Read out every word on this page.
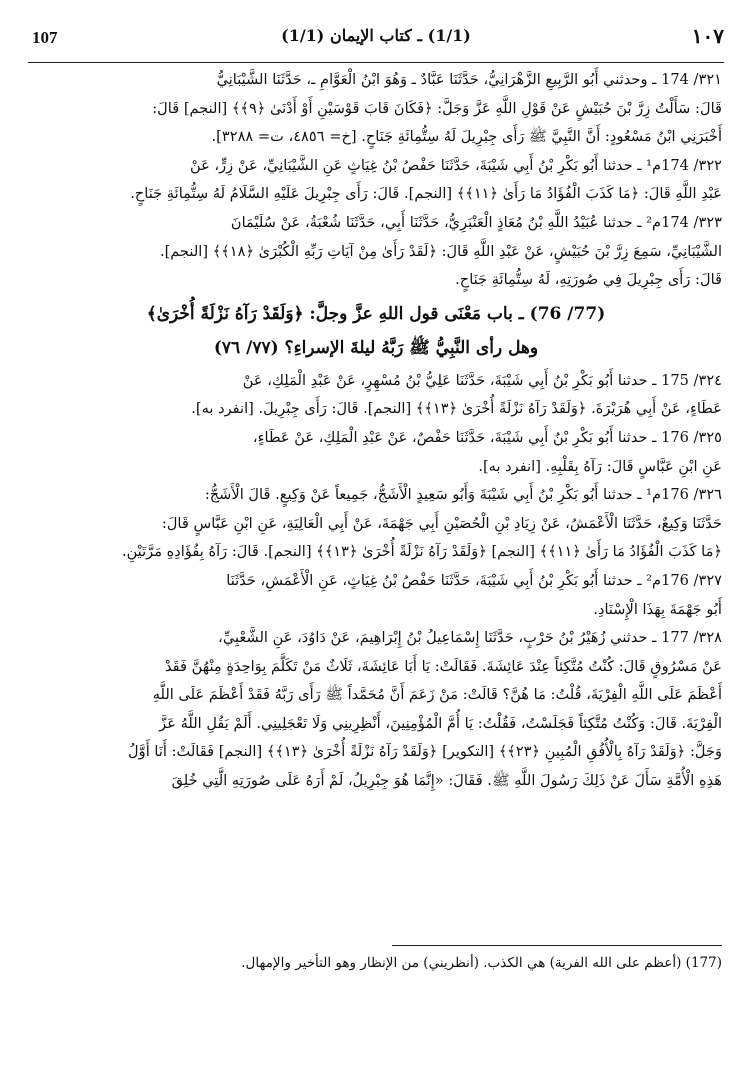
107	(1/1) ـ كتاب الإيمان (1/1)	١٠٧

٣٢١/ 174 ـ وحدثني أَبُو الرَّبِيعِ الزَّهْرَانِيُّ، حَدَّثَنَا عَبَّادٌ ـ وَهُوَ ابْنُ الْعَوَّامِ ـ، حَدَّثَنَا الشَّيْبَانِيُّ
قَالَ: سَأَلْتُ زِرَّ بْنَ حُبَيْشٍ عَنْ قَوْلِ اللَّهِ عَزَّ وَجَلَّ: ﴿فَكَانَ قَابَ قَوْسَيْنِ أَوْ أَدْنَىٰ ﴿٩﴾﴾ [النجم] قَالَ:
أَخْبَرَنِي ابْنُ مَسْعُودٍ: أَنَّ النَّبِيَّ ﷺ رَأَى جِبْرِيلَ لَهُ سِتُّمِائَةِ جَنَاحٍ. [خ= ٤٨٥٦، ت= ٣٢٨٨].

٣٢٢/ 174م¹ ـ حدثنا أَبُو بَكْرِ بْنُ أَبِي شَيْبَةَ، حَدَّثَنَا حَفْصُ بْنُ غِيَاثٍ عَنِ الشَّيْبَانِيِّ، عَنْ زِرٍّ، عَنْ
عَبْدِ اللَّهِ قَالَ: ﴿مَا كَذَبَ الْفُؤَادُ مَا رَأَىٰ ﴿١١﴾﴾ [النجم]. قَالَ: رَأَى جِبْرِيلَ عَلَيْهِ السَّلَامُ لَهُ سِتُّمِائَةِ جَنَاحٍ.

٣٢٣/ 174م² ـ حدثنا عُبَيْدُ اللَّهِ بْنُ مُعَاذٍ الْعَنْبَرِيُّ، حَدَّثَنَا أَبِي، حَدَّثَنَا شُعْبَةُ، عَنْ سُلَيْمَانَ
الشَّيْبَانِيِّ، سَمِعَ زِرَّ بْنَ حُبَيْشٍ، عَنْ عَبْدِ اللَّهِ قَالَ: ﴿لَقَدْ رَأَىٰ مِنْ آيَاتِ رَبِّهِ الْكُبْرَىٰ ﴿١٨﴾﴾ [النجم].
قَالَ: رَأَى جِبْرِيلَ فِي صُورَتِهِ، لَهُ سِتُّمِائَةِ جَنَاحٍ.

(77/ 76) ـ باب مَعْنَى قول اللهِ عزَّ وجلَّ: ﴿وَلَقَدْ رَآهُ نَزْلَةً أُخْرَىٰ﴾
وهل رأى النَّبِيُّ ﷺ رَبَّهُ ليلةَ الإسراءِ؟ (٧٧/ ٧٦)

٣٢٤/ 175 ـ حدثنا أَبُو بَكْرِ بْنُ أَبِي شَيْبَةَ، حَدَّثَنَا عَلِيُّ بْنُ مُسْهِرٍ، عَنْ عَبْدِ الْمَلِكِ، عَنْ
عَطَاءٍ، عَنْ أَبِي هُرَيْرَةَ. ﴿وَلَقَدْ رَآهُ نَزْلَةً أُخْرَىٰ ﴿١٣﴾﴾ [النجم]. قَالَ: رَأَى جِبْرِيلَ. [انفرد به].

٣٢٥/ 176 ـ حدثنا أَبُو بَكْرِ بْنُ أَبِي شَيْبَةَ، حَدَّثَنَا حَفْصٌ، عَنْ عَبْدِ الْمَلِكِ، عَنْ عَطَاءٍ،
عَنِ ابْنِ عَبَّاسٍ قَالَ: رَآهُ بِقَلْبِهِ. [انفرد به].

٣٢٦/ 176م¹ ـ حدثنا أَبُو بَكْرِ بْنُ أَبِي شَيْبَةَ وَأَبُو سَعِيدٍ الْأَشَجُّ، جَمِيعاً عَنْ وَكِيعٍ. قَالَ الْأَشَجُّ:
حَدَّثَنَا وَكِيعٌ، حَدَّثَنَا الْأَعْمَشُ، عَنْ زِيَادِ بْنِ الْحُصَيْنِ أَبِي جَهْمَةَ، عَنْ أَبِي الْعَالِيَةِ، عَنِ ابْنِ عَبَّاسٍ قَالَ:
﴿مَا كَذَبَ الْفُؤَادُ مَا رَأَىٰ ﴿١١﴾﴾ [النجم] ﴿وَلَقَدْ رَآهُ نَزْلَةً أُخْرَىٰ ﴿١٣﴾﴾ [النجم]. قَالَ: رَآهُ بِفُؤَادِهِ مَرَّتَيْنِ.

٣٢٧/ 176م² ـ حدثنا أَبُو بَكْرِ بْنُ أَبِي شَيْبَةَ، حَدَّثَنَا حَفْصُ بْنُ غِيَاثٍ، عَنِ الْأَعْمَشِ، حَدَّثَنَا
أَبُو جَهْمَةَ بِهَذَا الْإِسْنَادِ.

٣٢٨/ 177 ـ حدثني زُهَيْرُ بْنُ حَرْبٍ، حَدَّثَنَا إِسْمَاعِيلُ بْنُ إِبْرَاهِيمَ، عَنْ دَاوُدَ، عَنِ الشَّعْبِيِّ،
عَنْ مَسْرُوقٍ قَالَ: كُنْتُ مُتَّكِئاً عِنْدَ عَائِشَةَ. فَقَالَتْ: يَا أَبَا عَائِشَةَ، ثَلَاثٌ مَنْ تَكَلَّمَ بِوَاحِدَةٍ مِنْهُنَّ فَقَدْ
أَعْظَمَ عَلَى اللَّهِ الْفِرْيَةَ، قُلْتُ: مَا هُنَّ؟ قَالَتْ: مَنْ زَعَمَ أَنَّ مُحَمَّداً ﷺ رَأَى رَبَّهُ فَقَدْ أَعْظَمَ عَلَى اللَّهِ
الْفِرْيَةَ. قَالَ: وَكُنْتُ مُتَّكِئاً فَجَلَسْتُ، فَقُلْتُ: يَا أُمَّ الْمُؤْمِنِينَ، أَنْظِرِينِي وَلَا تَعْجَلِينِي. أَلَمْ يَقُلِ اللَّهُ عَزَّ
وَجَلَّ: ﴿وَلَقَدْ رَآهُ بِالْأُفُقِ الْمُبِينِ ﴿٢٣﴾﴾ [التكوير] ﴿وَلَقَدْ رَآهُ نَزْلَةً أُخْرَىٰ ﴿١٣﴾﴾ [النجم] فَقَالَتْ: أَنَا أَوَّلُ
هَذِهِ الْأُمَّةِ سَأَلَ عَنْ ذَلِكَ رَسُولَ اللَّهِ ﷺ. فَقَالَ: «إِنَّمَا هُوَ جِبْرِيلُ، لَمْ أَرَهُ عَلَى صُورَتِهِ الَّتِي خُلِقَ

(177) (أعظم على الله الفرية) هي الكذب. (أنظريني) من الإنظار وهو التأخير والإمهال.
